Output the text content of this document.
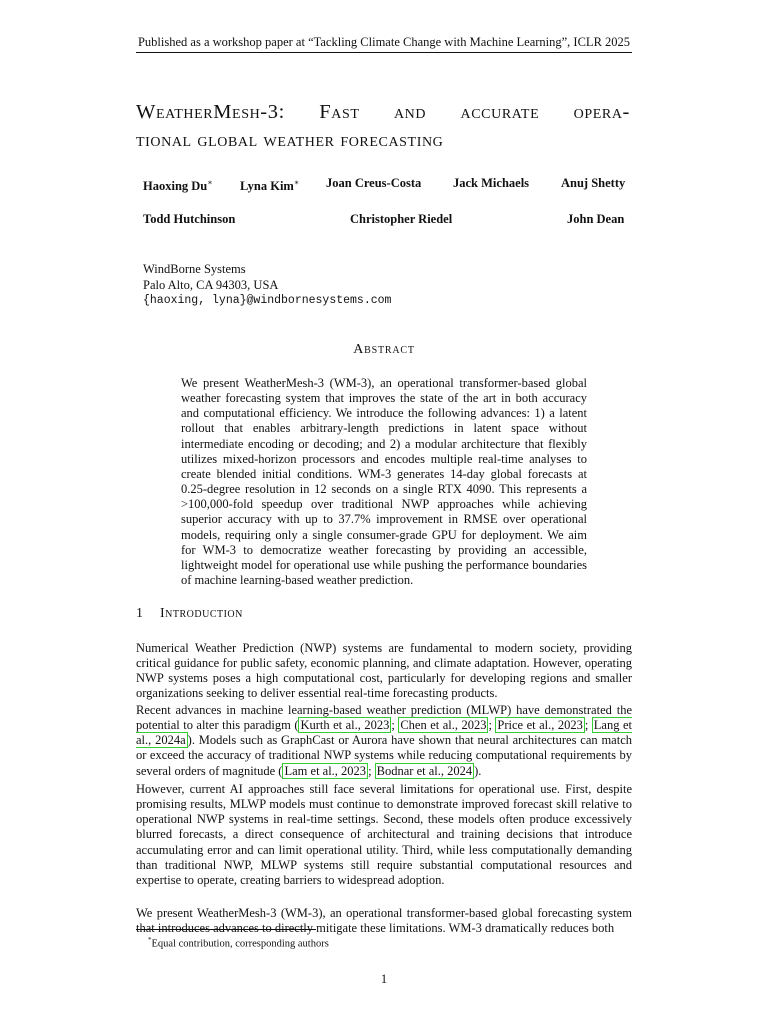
Published as a workshop paper at “Tackling Climate Change with Machine Learning”, ICLR 2025
WeatherMesh-3: Fast and accurate opera-
tional global weather forecasting
Haoxing Du∗ Lyna Kim∗ Joan Creus-Costa	Jack Michaels	Anuj Shetty
Todd Hutchinson	Christopher Riedel	John Dean
WindBorne Systems
Palo Alto, CA 94303, USA
{haoxing, lyna}@windbornesystems.com
Abstract
We present WeatherMesh-3 (WM-3), an operational transformer-based global weather forecasting system that improves the state of the art in both accuracy and computational efficiency. We introduce the following advances: 1) a latent rollout that enables arbitrary-length predictions in latent space without intermediate encoding or decoding; and 2) a modular architecture that flexibly utilizes mixed-horizon processors and encodes multiple real-time analyses to create blended initial conditions. WM-3 generates 14-day global forecasts at 0.25-degree resolution in 12 seconds on a single RTX 4090. This represents a >100,000-fold speedup over traditional NWP approaches while achieving superior accuracy with up to 37.7% improvement in RMSE over operational models, requiring only a single consumer-grade GPU for deployment. We aim for WM-3 to democratize weather forecasting by providing an accessible, lightweight model for operational use while pushing the performance boundaries of machine learning-based weather prediction.
1 Introduction
Numerical Weather Prediction (NWP) systems are fundamental to modern society, providing critical guidance for public safety, economic planning, and climate adaptation. However, operating NWP systems poses a high computational cost, particularly for developing regions and smaller organizations seeking to deliver essential real-time forecasting products.
Recent advances in machine learning-based weather prediction (MLWP) have demonstrated the potential to alter this paradigm ( Kurth et al., 2023 ; Chen et al., 2023 ; Price et al., 2023 ; Lang et al., 2024a ). Models such as GraphCast or Aurora have shown that neural architectures can match or exceed the accuracy of traditional NWP systems while reducing computational requirements by several orders of magnitude ( Lam et al., 2023 ; Bodnar et al., 2024 ).
However, current AI approaches still face several limitations for operational use. First, despite promising results, MLWP models must continue to demonstrate improved forecast skill relative to operational NWP systems in real-time settings. Second, these models often produce excessively blurred forecasts, a direct consequence of architectural and training decisions that introduce accumulating error and can limit operational utility. Third, while less computationally demanding than traditional NWP, MLWP systems still require substantial computational resources and expertise to operate, creating barriers to widespread adoption.
We present WeatherMesh-3 (WM-3), an operational transformer-based global forecasting system that introduces advances to directly mitigate these limitations. WM-3 dramatically reduces both
*Equal contribution, corresponding authors
1
